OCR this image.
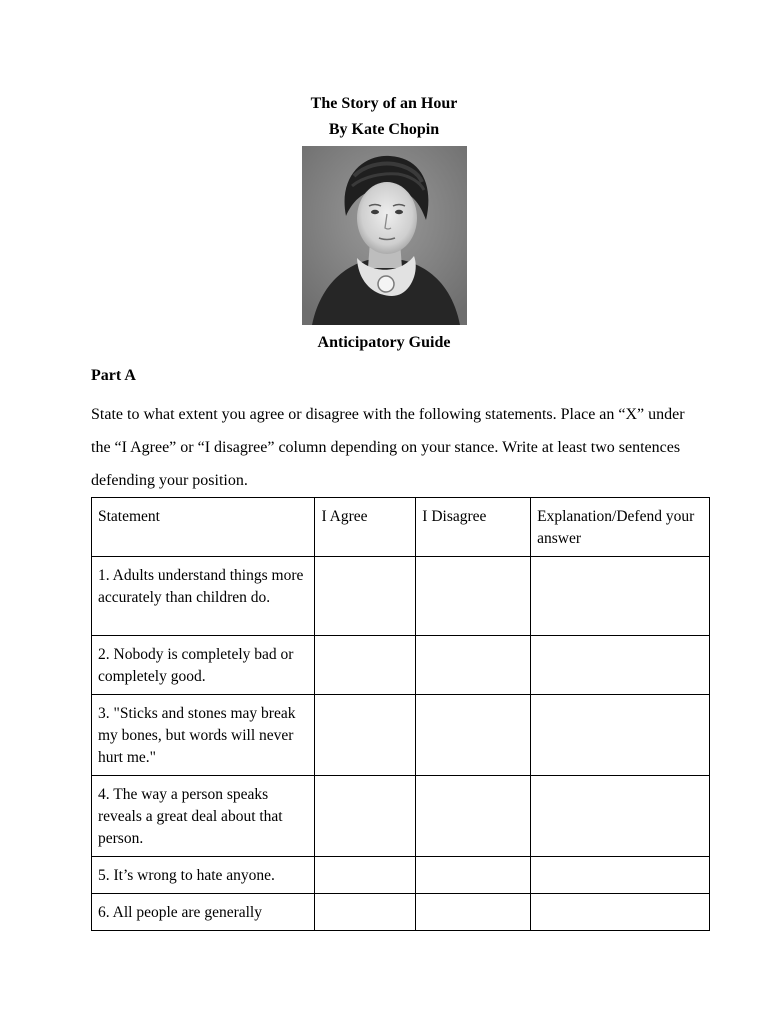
The Story of an Hour
By Kate Chopin
Anticipatory Guide
Part A
State to what extent you agree or disagree with the following statements. Place an “X” under the “I Agree” or “I disagree” column depending on your stance. Write at least two sentences defending your position.
Statement	I Agree	I Disagree	Explanation/Defend your answer
1. Adults understand things more accurately than children do.			
2. Nobody is completely bad or completely good.			
3. "Sticks and stones may break my bones, but words will never hurt me."			
4. The way a person speaks reveals a great deal about that person.			
5. It’s wrong to hate anyone.			
6. All people are generally			
